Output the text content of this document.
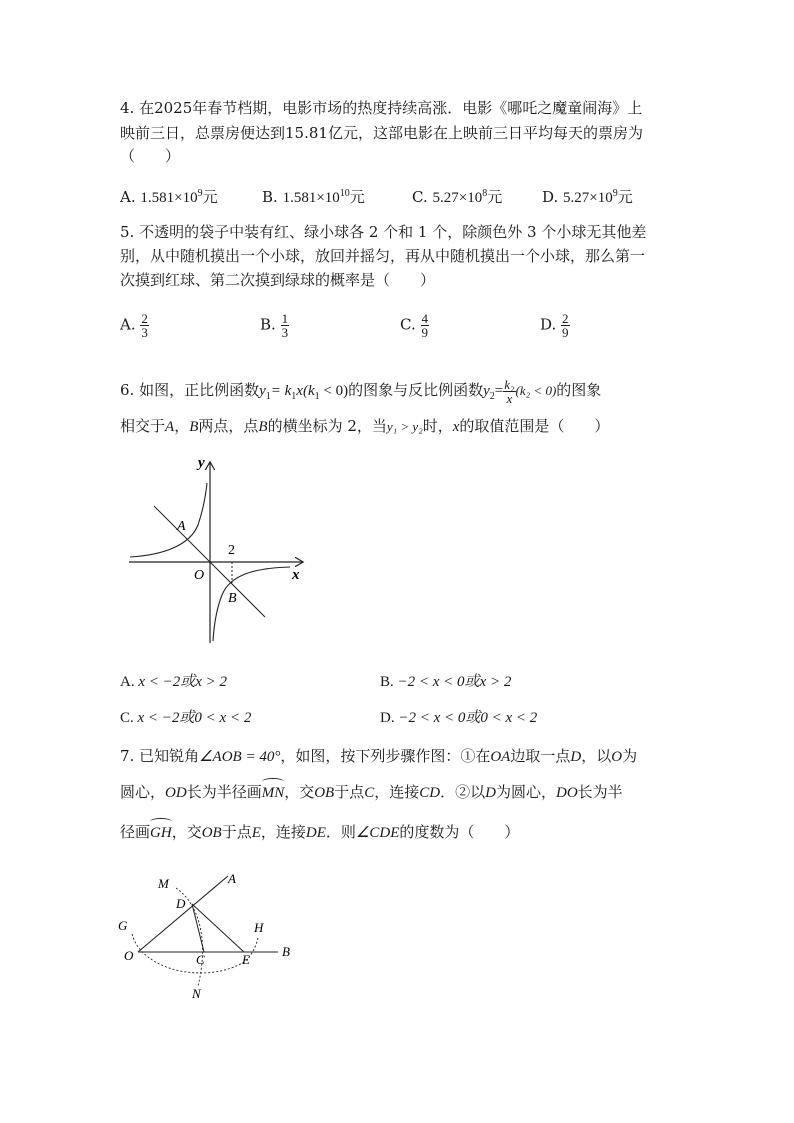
4. 在2025年春节档期，电影市场的热度持续高涨．电影《哪吒之魔童闹海》上
映前三日，总票房便达到15.81亿元，这部电影在上映前三日平均每天的票房为
（　　）
A. $1.581\times 10^9$元	B. $1.581\times 10^{10}$元	C. $5.27\times 10^8$元	D. $5.27\times 10^9$元
5. 不透明的袋子中装有红、绿小球各 2 个和 1 个，除颜色外 3 个小球无其他差
别，从中随机摸出一个小球，放回并摇匀，再从中随机摸出一个小球，那么第一
次摸到红球、第二次摸到绿球的概率是（　　）
A. $\frac{2}{3}$	B. $\frac{1}{3}$	C. $\frac{4}{9}$	D. $\frac{2}{9}$
6. 如图，正比例函数$y_1= k_1x(k_1 < 0)$的图象与反比例函数$y_2= \frac{\text{k₂}}{x} (k_2 < 0)$的图象
相交于A，B两点，点B的横坐标为 2，当y₁ > y₂时，x的取值范围是（　　）
y
x
O
A
B
2
A. x < −2或x > 2	B. −2 < x < 0或x > 2
C. x < −2或0 < x < 2	D. −2 < x < 0或0 < x < 2
7. 已知锐角∠AOB = 40°，如图，按下列步骤作图：①在OA边取一点D，以O为
圆心，OD长为半径画MN，交OB于点C，连接CD．②以D为圆心，DO长为半
径画GH，交OB于点E，连接DE．则∠CDE的度数为（　　）
M	A
D
G	H
O	C	E
B
N
